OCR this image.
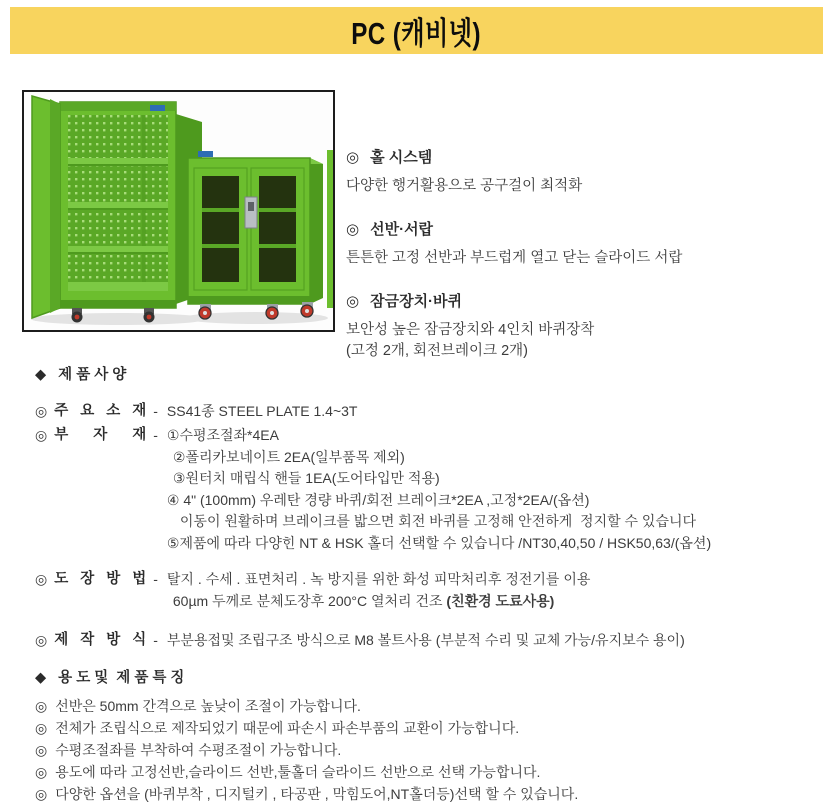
PC (캐비넷)
◎ 홀 시스템
다양한 행거활용으로 공구걸이 최적화
◎ 선반·서랍
튼튼한 고정 선반과 부드럽게 열고 닫는 슬라이드 서랍
◎ 잠금장치·바퀴
보안성 높은 잠금장치와 4인치 바퀴장착
(고정 2개, 회전브레이크 2개)
◆ 제 품 사 양
◎ 주 요 소 재 - SS41종 STEEL PLATE 1.4~3T
◎ 부 자 재 - ①수평조절좌*4EA
②폴리카보네이트 2EA(일부품목 제외)
③원터치 매립식 핸들 1EA(도어타입만 적용)
④ 4" (100mm) 우레탄 경량 바퀴/회전 브레이크*2EA ,고정*2EA/(옵션)
이동이 원활하며 브레이크를 밟으면 회전 바퀴를 고정해 안전하게  정지할 수 있습니다
⑤제품에 따라 다양힌 NT & HSK 홀더 선택할 수 있습니다 /NT30,40,50 / HSK50,63/(옵션)
◎ 도 장 방 법 - 탈지 . 수세 . 표면처리 . 녹 방지를 위한 화성 피막처리후 정전기를 이용
60µm 두께로 분체도장후 200°C 열처리 건조 (친환경 도료사용)
◎ 제 작 방 식 - 부분용접및 조립구조 방식으로 M8 볼트사용 (부분적 수리 및 교체 가능/유지보수 용이)
◆ 용 도 및  제 품 특 징
◎ 선반은 50mm 간격으로 높낮이 조절이 가능합니다.
◎ 전체가 조립식으로 제작되었기 때문에 파손시 파손부품의 교환이 가능합니다.
◎ 수평조절좌를 부착하여 수평조절이 가능합니다.
◎ 용도에 따라 고정선반,슬라이드 선반,툴홀더 슬라이드 선반으로 선택 가능합니다.
◎ 다양한 옵션을 (바퀴부착 , 디지털키 , 타공판 , 막힘도어,NT홀더등)선택 할 수 있습니다.
